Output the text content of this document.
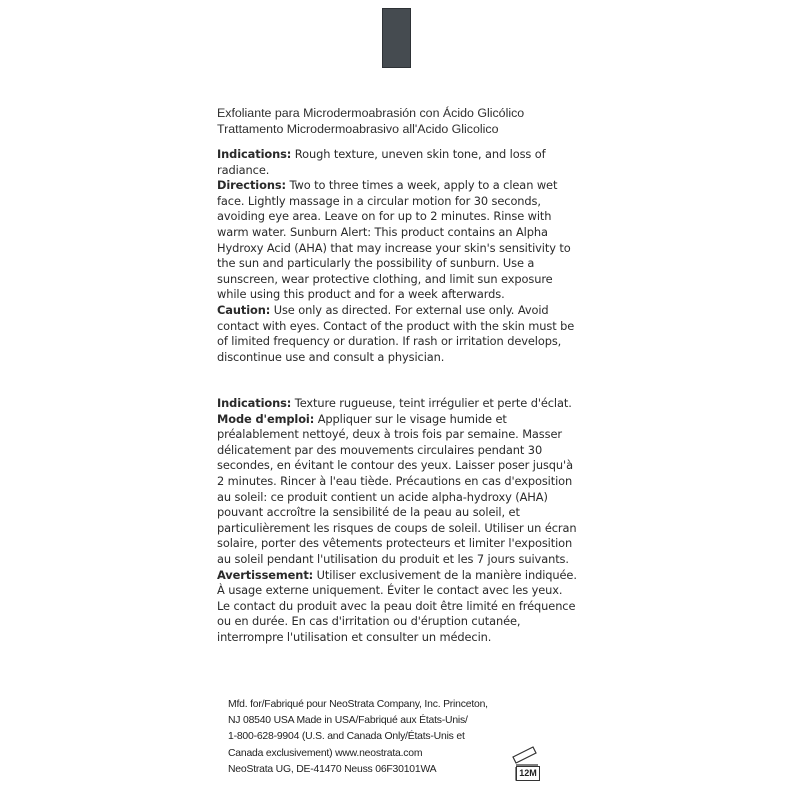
Exfoliante para Microdermoabrasión con Ácido Glicólico
Trattamento Microdermoabrasivo all'Acido Glicolico

Indications: Rough texture, uneven skin tone, and loss of radiance.

Directions: Two to three times a week, apply to a clean wet face. Lightly massage in a circular motion for 30 seconds, avoiding eye area. Leave on for up to 2 minutes. Rinse with warm water. Sunburn Alert: This product contains an Alpha Hydroxy Acid (AHA) that may increase your skin's sensitivity to the sun and particularly the possibility of sunburn. Use a sunscreen, wear protective clothing, and limit sun exposure while using this product and for a week afterwards.

Caution: Use only as directed. For external use only. Avoid contact with eyes. Contact of the product with the skin must be of limited frequency or duration. If rash or irritation develops, discontinue use and consult a physician.

Indications: Texture rugueuse, teint irrégulier et perte d'éclat.

Mode d'emploi: Appliquer sur le visage humide et préalablement nettoyé, deux à trois fois par semaine. Masser délicatement par des mouvements circulaires pendant 30 secondes, en évitant le contour des yeux. Laisser poser jusqu'à 2 minutes. Rincer à l'eau tiède. Précautions en cas d'exposition au soleil: ce produit contient un acide alpha-hydroxy (AHA) pouvant accroître la sensibilité de la peau au soleil, et particulièrement les risques de coups de soleil. Utiliser un écran solaire, porter des vêtements protecteurs et limiter l'exposition au soleil pendant l'utilisation du produit et les 7 jours suivants.

Avertissement: Utiliser exclusivement de la manière indiquée. À usage externe uniquement. Éviter le contact avec les yeux. Le contact du produit avec la peau doit être limité en fréquence ou en durée. En cas d'irritation ou d'éruption cutanée, interrompre l'utilisation et consulter un médecin.

Mfd. for/Fabriqué pour NeoStrata Company, Inc. Princeton,
NJ 08540 USA Made in USA/Fabriqué aux États-Unis/
1-800-628-9904 (U.S. and Canada Only/États-Unis et
Canada exclusivement) www.neostrata.com
NeoStrata UG, DE-41470 Neuss 06F30101WA	12M
